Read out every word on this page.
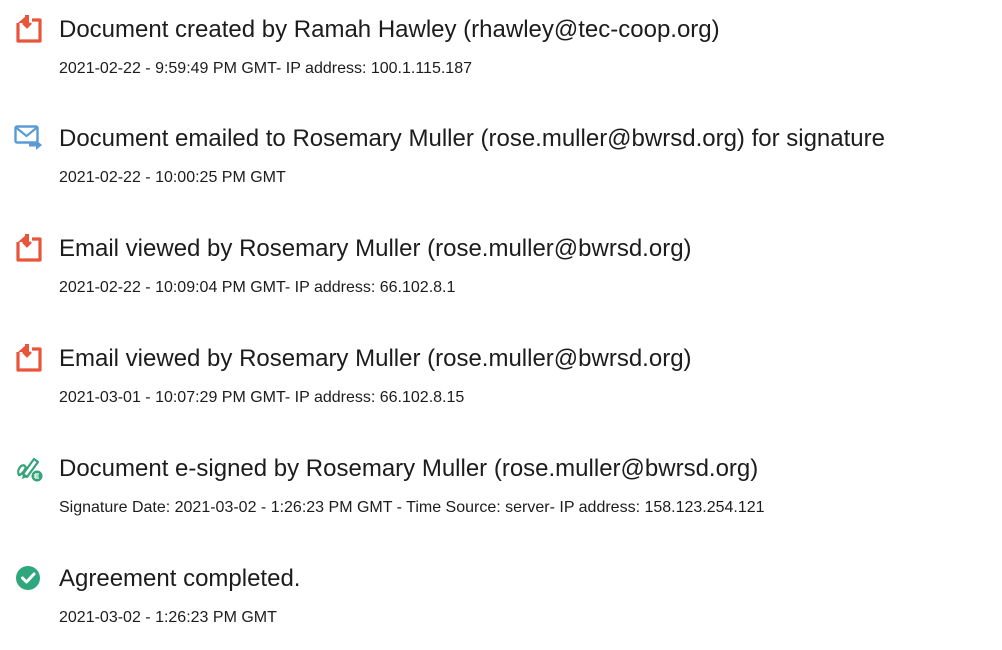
Document created by Ramah Hawley (rhawley@tec-coop.org)
2021-02-22 - 9:59:49 PM GMT- IP address: 100.1.115.187
Document emailed to Rosemary Muller (rose.muller@bwrsd.org) for signature
2021-02-22 - 10:00:25 PM GMT
Email viewed by Rosemary Muller (rose.muller@bwrsd.org)
2021-02-22 - 10:09:04 PM GMT- IP address: 66.102.8.1
Email viewed by Rosemary Muller (rose.muller@bwrsd.org)
2021-03-01 - 10:07:29 PM GMT- IP address: 66.102.8.15
Document e-signed by Rosemary Muller (rose.muller@bwrsd.org)
Signature Date: 2021-03-02 - 1:26:23 PM GMT - Time Source: server- IP address: 158.123.254.121
Agreement completed.
2021-03-02 - 1:26:23 PM GMT
